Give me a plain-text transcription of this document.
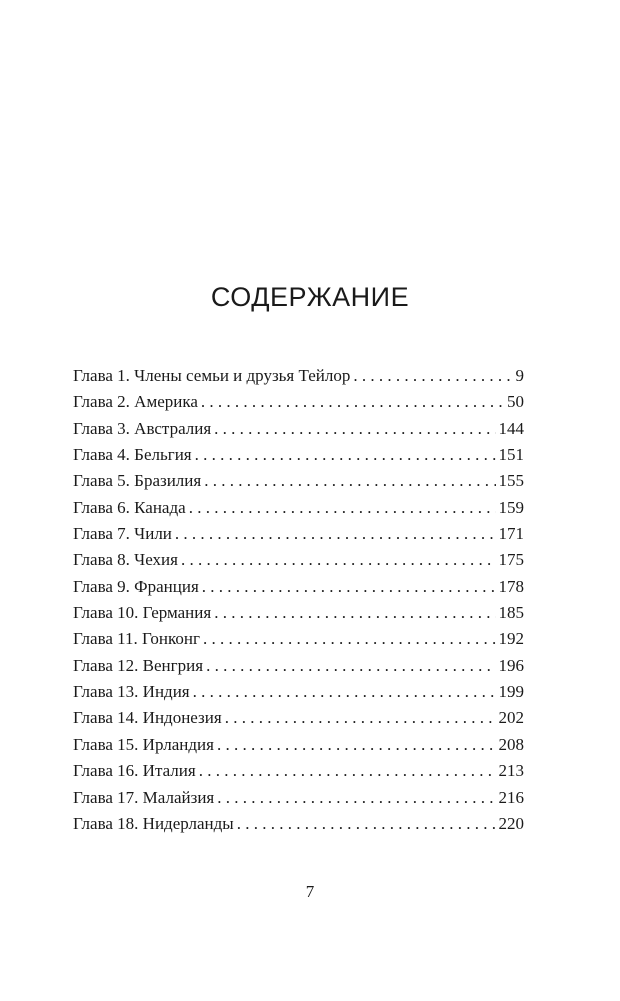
СОДЕРЖАНИЕ
Глава 1. Члены семьи и друзья Тейлор . . .	9
Глава 2. Америка . . .	50
Глава 3. Австралия . . .	144
Глава 4. Бельгия . . .	151
Глава 5. Бразилия . . .	155
Глава 6. Канада . . .	159
Глава 7. Чили . . .	171
Глава 8. Чехия . . .	175
Глава 9. Франция . . .	178
Глава 10. Германия . . .	185
Глава 11. Гонконг . . .	192
Глава 12. Венгрия . . .	196
Глава 13. Индия . . .	199
Глава 14. Индонезия . . .	202
Глава 15. Ирландия . . .	208
Глава 16. Италия . . .	213
Глава 17. Малайзия . . .	216
Глава 18. Нидерланды . . .	220
7
